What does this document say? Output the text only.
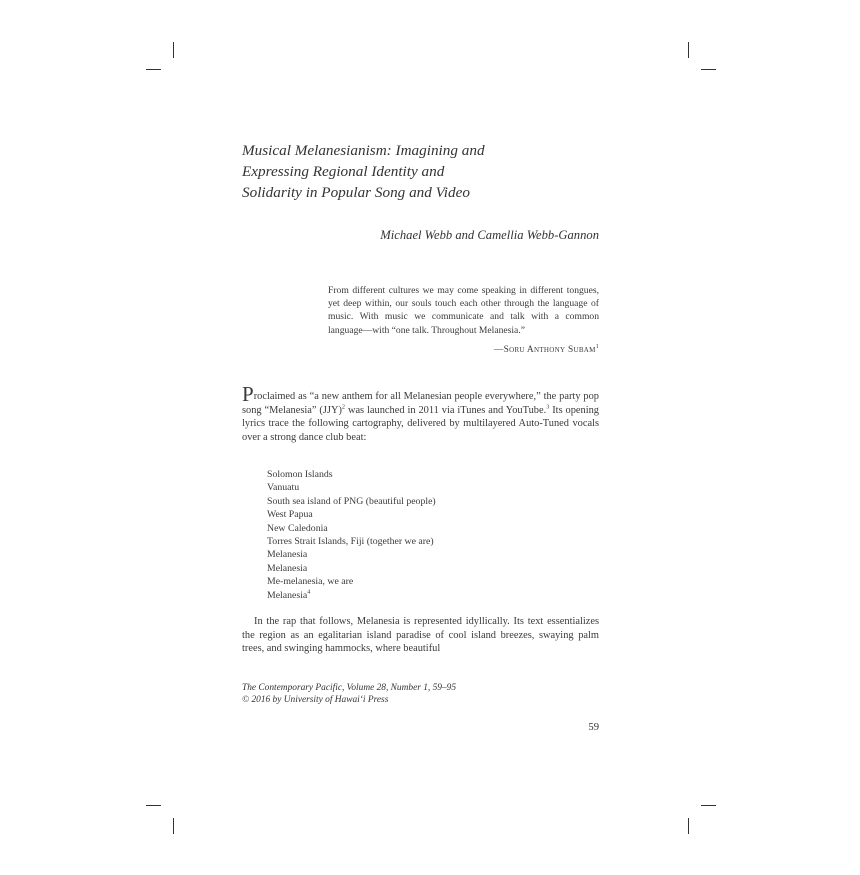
Musical Melanesianism: Imagining and
Expressing Regional Identity and
Solidarity in Popular Song and Video
Michael Webb and Camellia Webb-Gannon

From different cultures we may come speaking in different tongues, yet deep within, our souls touch each other through the language of music. With music we communicate and talk with a common language—with “one talk. Throughout Melanesia.”

—Soru Anthony Subam$^1$
Proclaimed as “a new anthem for all Melanesian people everywhere,” the party pop song “Melanesia” (JJY)$^2$ was launched in 2011 via iTunes and YouTube.$^3$ Its opening lyrics trace the following cartography, delivered by multilayered Auto-Tuned vocals over a strong dance club beat:
Solomon Islands
Vanuatu
South sea island of PNG (beautiful people)
West Papua
New Caledonia
Torres Strait Islands, Fiji (together we are)
Melanesia
Melanesia
Me-melanesia, we are
Melanesia$^4$
In the rap that follows, Melanesia is represented idyllically. Its text essentializes the region as an egalitarian island paradise of cool island breezes, swaying palm trees, and swinging hammocks, where beautiful
The Contemporary Pacific, Volume 28, Number 1, 59–95
© 2016 by University of Hawai‘i Press
59
